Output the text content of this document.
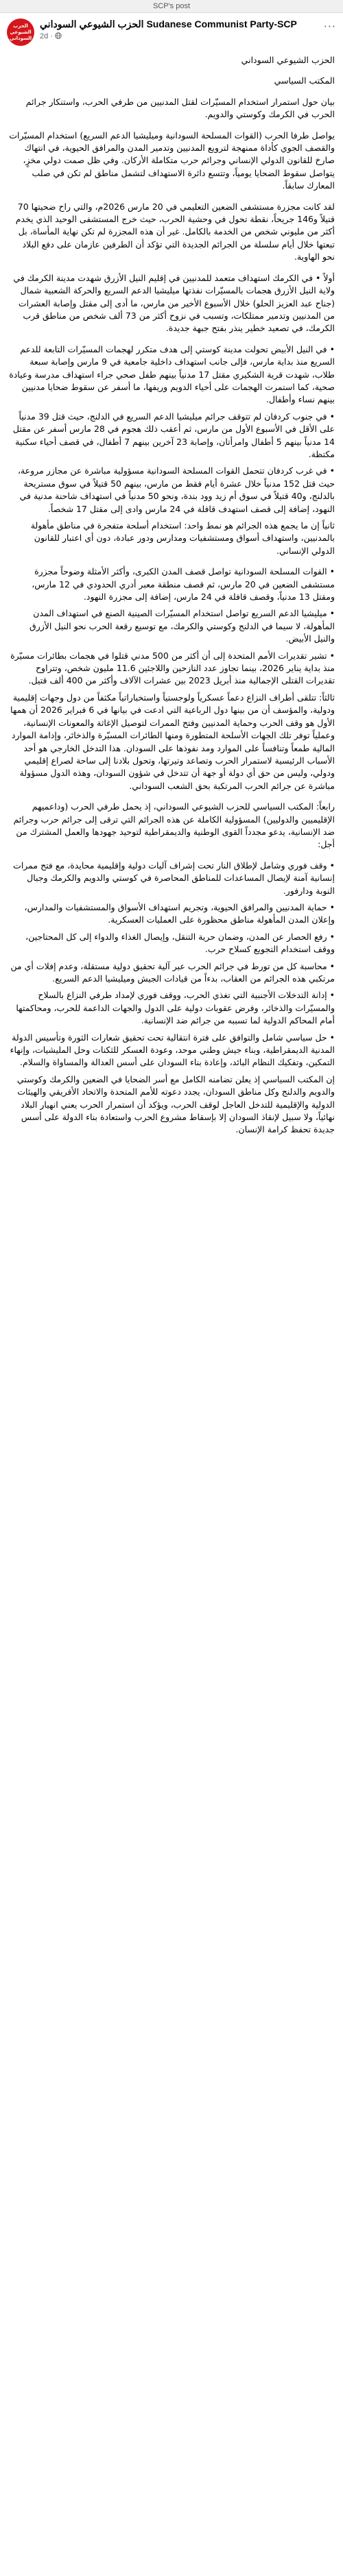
SCP's post
الحزب الشيوعي السوداني
الحزب الشيوعي السوداني Sudanese Communist Party-SCP
2d ·
···

الحزب الشيوعي السوداني

المكتب السياسي

بيان حول استمرار استخدام المسيّرات لقتل المدنيين من طرفي الحرب، واستنكار جرائم الحرب في الكرمك وكوستي والدويم.

يواصل طرفا الحرب (القوات المسلحة السودانية وميليشيا الدعم السريع) استخدام المسيّرات والقصف الجوي كأداة ممنهجة لترويع المدنيين وتدمير المدن والمرافق الحيوية، في انتهاك صارخ للقانون الدولي الإنساني وجرائم حرب متكاملة الأركان. وفي ظل صمت دولي مخزٍ، يتواصل سقوط الضحايا يومياً، وتتسع دائرة الاستهداف لتشمل مناطق لم تكن في صلب المعارك سابقاً.

لقد كانت مجزرة مستشفى الضعين التعليمي في 20 مارس 2026م، والتي راح ضحيتها 70 قتيلاً و146 جريحاً، نقطة تحول في وحشية الحرب، حيث خرج المستشفى الوحيد الذي يخدم أكثر من مليوني شخص من الخدمة بالكامل. غير أن هذه المجزرة لم تكن نهاية المأساة، بل تبعتها خلال أيام سلسلة من الجرائم الجديدة التي تؤكد أن الطرفين عازمان على دفع البلاد نحو الهاوية.

أولاً • في الكرمك استهداف متعمد للمدنيين في إقليم النيل الأزرق شهدت مدينة الكرمك في ولاية النيل الأزرق هجمات بالمسيّرات نفذتها ميليشيا الدعم السريع والحركة الشعبية شمال (جناح عبد العزيز الحلو) خلال الأسبوع الأخير من مارس، ما أدى إلى مقتل وإصابة العشرات من المدنيين وتدمير ممتلكات، وتسبب في نزوح أكثر من 73 ألف شخص من مناطق قرب الكرمك، في تصعيد خطير ينذر بفتح جبهة جديدة.

• في النيل الأبيض تحولت مدينة كوستي إلى هدف متكرر لهجمات المسيّرات التابعة للدعم السريع منذ بداية مارس، فإلى جانب استهداف داخلية جامعية في 9 مارس وإصابة سبعة طلاب، شهدت قرية الشكيري مقتل 17 مدنياً بينهم طفل صحي جراء استهداف مدرسة وعيادة صحية، كما استمرت الهجمات على أحياء الدويم وريفها، ما أسفر عن سقوط ضحايا مدنيين بينهم نساء وأطفال.

• في جنوب كردفان لم تتوقف جرائم ميليشيا الدعم السريع في الدلنج، حيث قتل 39 مدنياً على الأقل في الأسبوع الأول من مارس، ثم أعقب ذلك هجوم في 28 مارس أسفر عن مقتل 14 مدنياً بينهم 5 أطفال وامرأتان، وإصابة 23 آخرين بينهم 7 أطفال، في قصف أحياء سكنية مكتظة.

• في غرب كردفان تتحمل القوات المسلحة السودانية مسؤولية مباشرة عن مجازر مروعة، حيث قتل 152 مدنياً خلال عشرة أيام فقط من مارس، بينهم 50 قتيلاً في سوق مستريحة بالدلنج، و40 قتيلاً في سوق أم زيد وود بندة، ونحو 50 مدنياً في استهداف شاحنة مدنية في النهود، إضافة إلى قصف استهدف قافلة في 24 مارس وادى إلى مقتل 17 شخصاً.

ثانياً إن ما يجمع هذه الجرائم هو نمط واحد: استخدام أسلحة متفجرة في مناطق مأهولة بالمدنيين، واستهداف أسواق ومستشفيات ومدارس ودور عبادة، دون أي اعتبار للقانون الدولي الإنساني.

• القوات المسلحة السودانية تواصل قصف المدن الكبرى، وأكثر الأمثلة وضوحاً مجزرة مستشفى الضعين في 20 مارس، ثم قصف منطقة معبر أدري الحدودي في 12 مارس، ومقتل 13 مدنياً، وقصف قافلة في 24 مارس، إضافة إلى مجزرة النهود.

• ميليشيا الدعم السريع تواصل استخدام المسيّرات الصينية الصنع في استهداف المدن المأهولة، لا سيما في الدلنج وكوستي والكرمك، مع توسيع رقعة الحرب نحو النيل الأزرق والنيل الأبيض.

• تشير تقديرات الأمم المتحدة إلى أن أكثر من 500 مدني قتلوا في هجمات بطائرات مسيّرة منذ بداية يناير 2026، بينما تجاوز عدد النازحين واللاجئين 11.6 مليون شخص، وتتراوح تقديرات القتلى الإجمالية منذ أبريل 2023 بين عشرات الآلاف وأكثر من 400 ألف قتيل.

ثالثاً: تتلقى أطراف النزاع دعماً عسكرياً ولوجستياً واستخباراتياً مكثفاً من دول وجهات إقليمية ودولية، والمؤسف أن من بينها دول الرباعية التي ادعت في بيانها في 6 فبراير 2026 أن همها الأول هو وقف الحرب وحماية المدنيين وفتح الممرات لتوصيل الإغاثة والمعونات الإنسانية، وعملياً توفر تلك الجهات الأسلحة المتطورة ومنها الطائرات المسيّرة والذخائر، وإدامة الموارد المالية طمعاً وتنافساً على الموارد ومد نفوذها على السودان. هذا التدخل الخارجي هو أحد الأسباب الرئيسية لاستمرار الحرب وتصاعد وتيرتها، وتحول بلادنا إلى ساحة لصراع إقليمي ودولي، وليس من حق أي دولة أو جهة أن تتدخل في شؤون السودان، وهذه الدول مسؤولة مباشرة عن جرائم الحرب المرتكبة بحق الشعب السوداني.

رابعاً: المكتب السياسي للحزب الشيوعي السوداني، إذ يحمل طرفي الحرب (وداعميهم الإقليميين والدوليين) المسؤولية الكاملة عن هذه الجرائم التي ترقى إلى جرائم حرب وجرائم ضد الإنسانية، يدعو مجدداً القوى الوطنية والديمقراطية لتوحيد جهودها والعمل المشترك من أجل:

• وقف فوري وشامل لإطلاق النار تحت إشراف آليات دولية وإقليمية محايدة، مع فتح ممرات إنسانية آمنة لإيصال المساعدات للمناطق المحاصرة في كوستي والدويم والكرمك وجبال النوبة ودارفور.

• حماية المدنيين والمرافق الحيوية، وتجريم استهداف الأسواق والمستشفيات والمدارس، وإعلان المدن المأهولة مناطق محظورة على العمليات العسكرية.

• رفع الحصار عن المدن، وضمان حرية التنقل، وإيصال الغذاء والدواء إلى كل المحتاجين، ووقف استخدام التجويع كسلاح حرب.

• محاسبة كل من تورط في جرائم الحرب عبر آلية تحقيق دولية مستقلة، وعدم إفلات أي من مرتكبي هذه الجرائم من العقاب، بدءاً من قيادات الجيش وميليشيا الدعم السريع.

• إدانة التدخلات الأجنبية التي تغذي الحرب، ووقف فوري لإمداد طرفي النزاع بالسلاح والمسيّرات والذخائر، وفرض عقوبات دولية على الدول والجهات الداعمة للحرب، ومحاكمتها أمام المحاكم الدولية لما تسببه من جرائم ضد الإنسانية.

• حل سياسي شامل والتوافق على فترة انتقالية تحت تحقيق شعارات الثورة وتأسيس الدولة المدنية الديمقراطية، وبناء جيش وطني موحد، وعودة العسكر للثكنات وحل المليشيات، وإنهاء التمكين، وتفكيك النظام البائد، وإعادة بناء السودان على أسس العدالة والمساواة والسلام.

إن المكتب السياسي إذ يعلن تضامنه الكامل مع أسر الضحايا في الضعين والكرمك وكوستي والدويم والدلنج وكل مناطق السودان، يجدد دعوته للأمم المتحدة والاتحاد الأفريقي والهيئات الدولية والإقليمية للتدخل العاجل لوقف الحرب، ويؤكد أن استمرار الحرب يعني انهيار البلاد نهائياً، ولا سبيل لإنقاذ السودان إلا بإسقاط مشروع الحرب واستعادة بناء الدولة على أسس جديدة تحفظ كرامة الإنسان.
